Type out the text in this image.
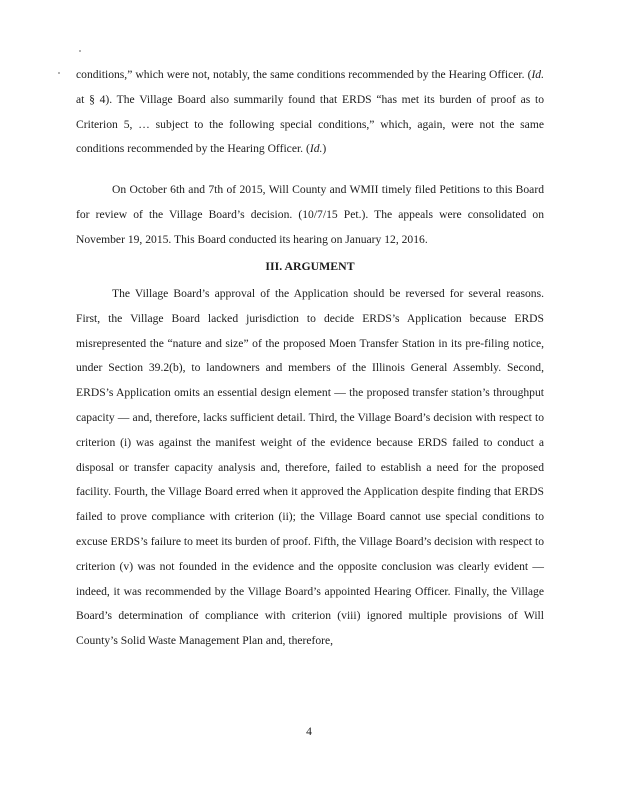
conditions,” which were not, notably, the same conditions recommended by the Hearing Officer. (Id. at § 4). The Village Board also summarily found that ERDS “has met its burden of proof as to Criterion 5, … subject to the following special conditions,” which, again, were not the same conditions recommended by the Hearing Officer. (Id.)

On October 6th and 7th of 2015, Will County and WMII timely filed Petitions to this Board for review of the Village Board’s decision. (10/7/15 Pet.). The appeals were consolidated on November 19, 2015. This Board conducted its hearing on January 12, 2016.

III. ARGUMENT

The Village Board’s approval of the Application should be reversed for several reasons. First, the Village Board lacked jurisdiction to decide ERDS’s Application because ERDS misrepresented the “nature and size” of the proposed Moen Transfer Station in its pre-filing notice, under Section 39.2(b), to landowners and members of the Illinois General Assembly. Second, ERDS’s Application omits an essential design element — the proposed transfer station’s throughput capacity — and, therefore, lacks sufficient detail. Third, the Village Board’s decision with respect to criterion (i) was against the manifest weight of the evidence because ERDS failed to conduct a disposal or transfer capacity analysis and, therefore, failed to establish a need for the proposed facility. Fourth, the Village Board erred when it approved the Application despite finding that ERDS failed to prove compliance with criterion (ii); the Village Board cannot use special conditions to excuse ERDS’s failure to meet its burden of proof. Fifth, the Village Board’s decision with respect to criterion (v) was not founded in the evidence and the opposite conclusion was clearly evident — indeed, it was recommended by the Village Board’s appointed Hearing Officer. Finally, the Village Board’s determination of compliance with criterion (viii) ignored multiple provisions of Will County’s Solid Waste Management Plan and, therefore,

4
